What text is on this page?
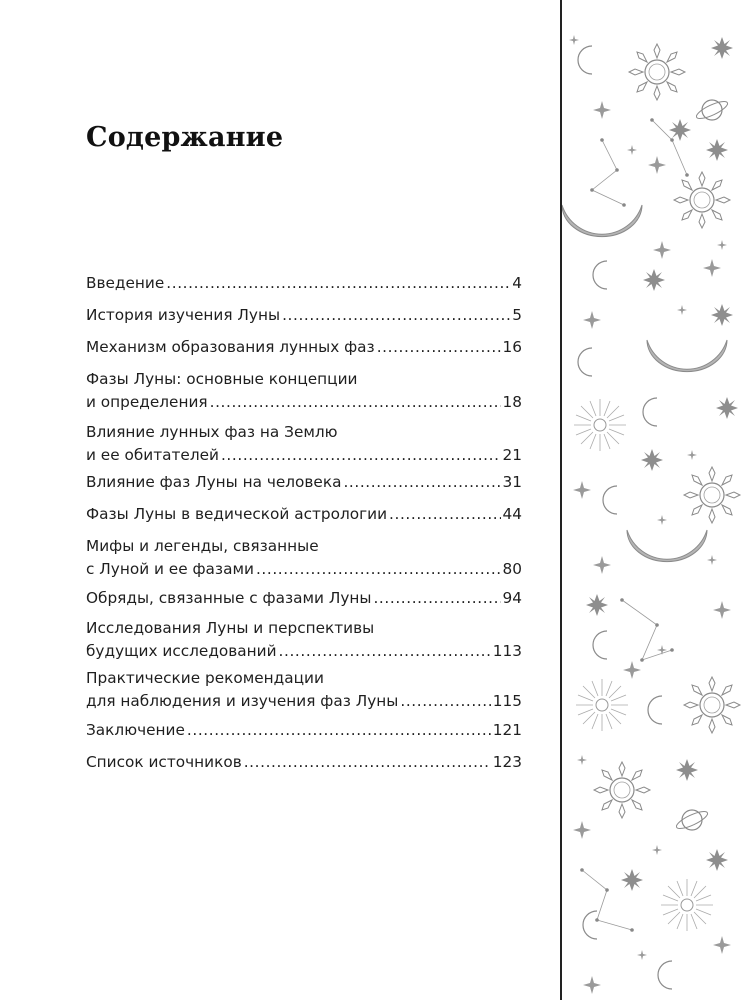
Содержание
Введение .....	4
История изучения Луны .....	5
Механизм образования лунных фаз .....	16
Фазы Луны: основные концепции
и определения .....	18
Влияние лунных фаз на Землю
и ее обитателей .....	21
Влияние фаз Луны на человека .....	31
Фазы Луны в ведической астрологии .....	44
Мифы и легенды, связанные
с Луной и ее фазами .....	80
Обряды, связанные с фазами Луны .....	94
Исследования Луны и перспективы
будущих исследований .....	113
Практические рекомендации
для наблюдения и изучения фаз Луны .....	115
Заключение .....	121
Список источников .....	123
